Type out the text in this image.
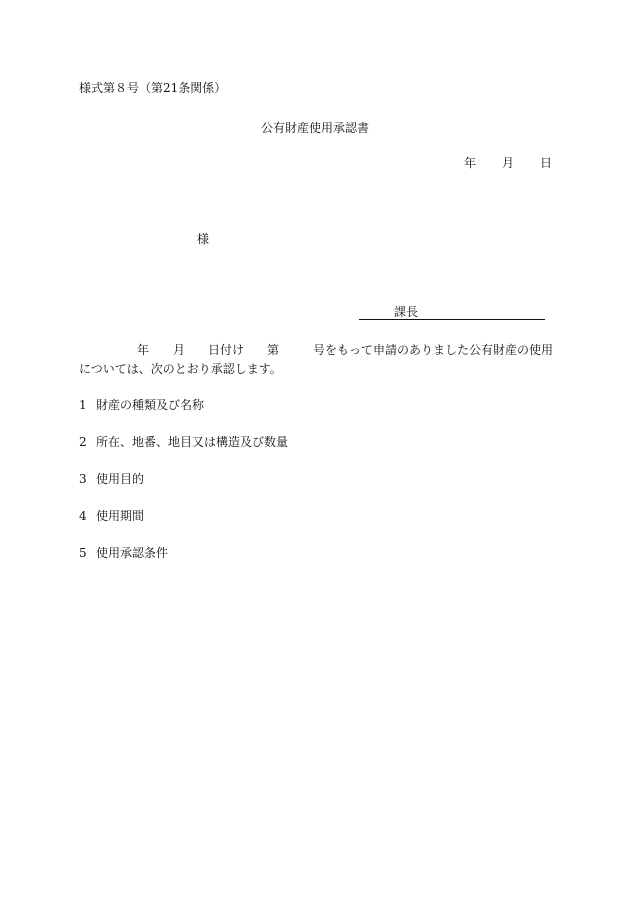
様式第８号（第21条関係）
公有財産使用承認書
年 月 日
様
課長
年 月 日付け 第	号をもって申請のありました公有財産の使用
については、次のとおり承認します。
1 財産の種類及び名称
2 所在、地番、地目又は構造及び数量
3 使用目的
4 使用期間
5 使用承認条件
